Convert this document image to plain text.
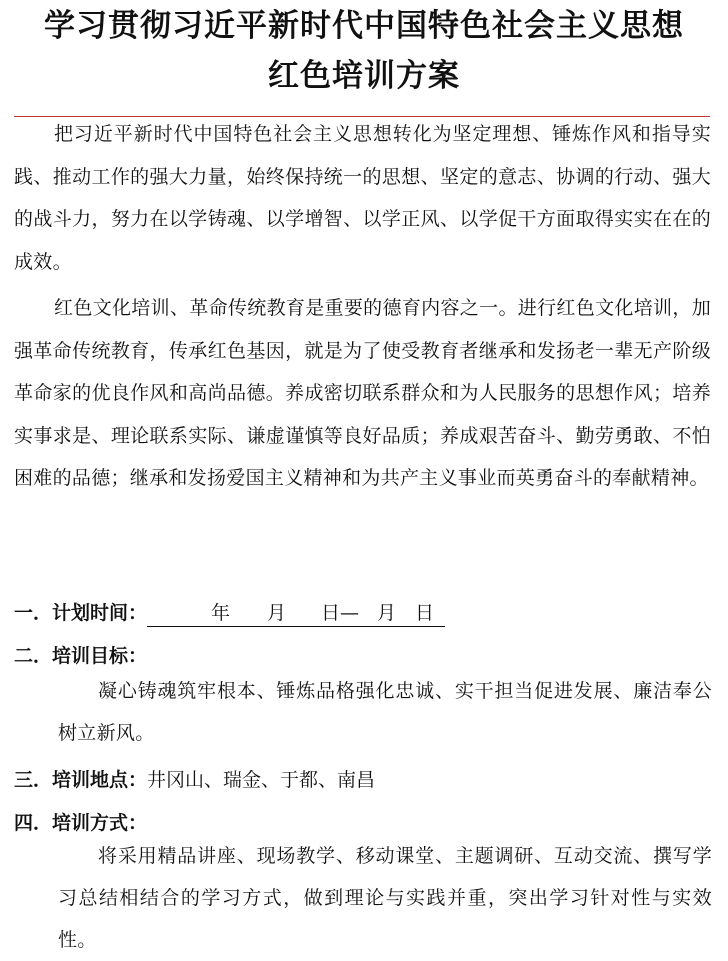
学习贯彻习近平新时代中国特色社会主义思想
红色培训方案

把习近平新时代中国特色社会主义思想转化为坚定理想、锤炼作风和指导实践、推动工作的强大力量，始终保持统一的思想、坚定的意志、协调的行动、强大的战斗力，努力在以学铸魂、以学增智、以学正风、以学促干方面取得实实在在的成效。

红色文化培训、革命传统教育是重要的德育内容之一。进行红色文化培训，加强革命传统教育，传承红色基因，就是为了使受教育者继承和发扬老一辈无产阶级革命家的优良作风和高尚品德。养成密切联系群众和为人民服务的思想作风；培养实事求是、理论联系实际、谦虚谨慎等良好品质；养成艰苦奋斗、勤劳勇敢、不怕困难的品德；继承和发扬爱国主义精神和为共产主义事业而英勇奋斗的奉献精神。

一．计划时间：	年 月 日— 月 日
二．培训目标：

凝心铸魂筑牢根本、锤炼品格强化忠诚、实干担当促进发展、廉洁奉公树立新风。

三．培训地点：井冈山、瑞金、于都、南昌
四．培训方式：

将采用精品讲座、现场教学、移动课堂、主题调研、互动交流、撰写学习总结相结合的学习方式，做到理论与实践并重，突出学习针对性与实效性。
